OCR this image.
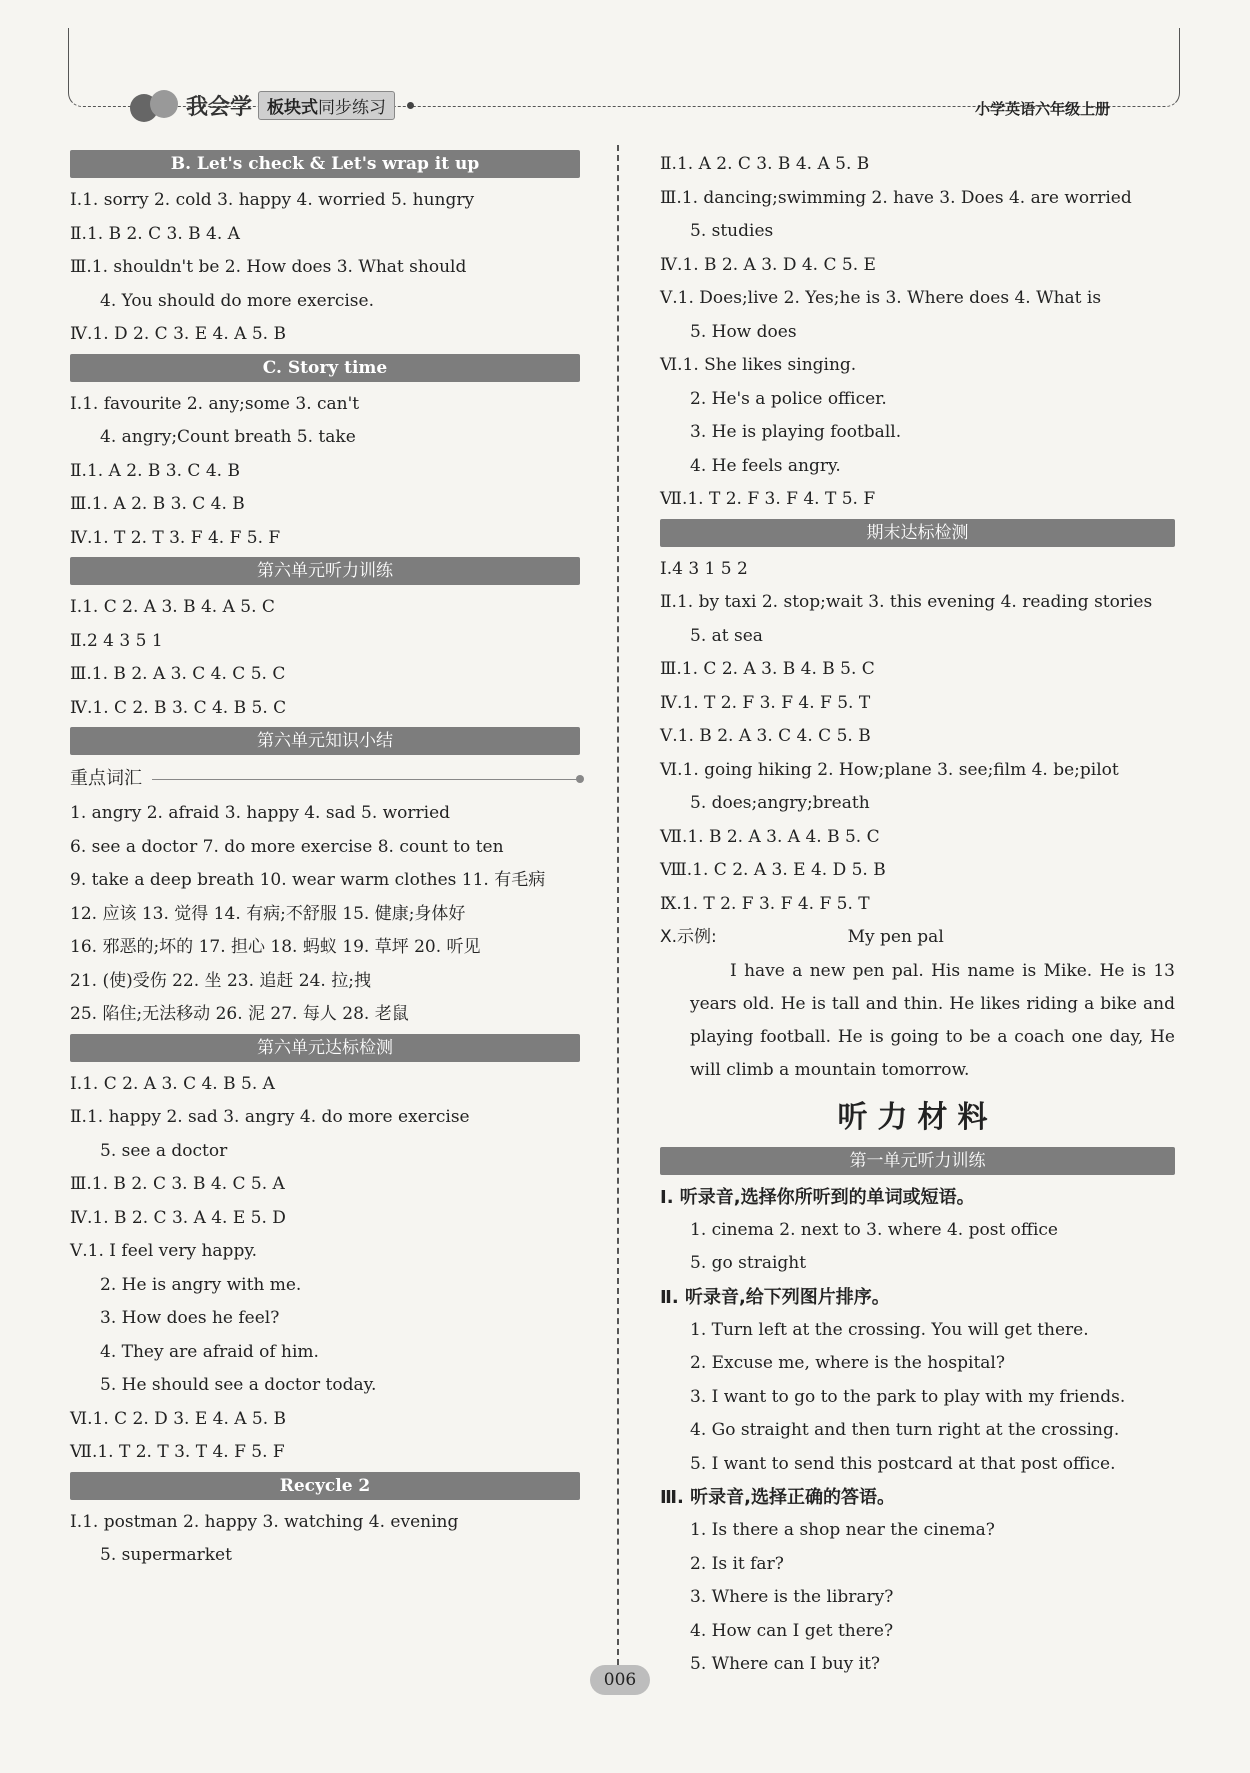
我会学 板块式同步练习	小学英语六年级上册
B. Let's check & Let's wrap it up
Ⅰ.1. sorry 2. cold 3. happy 4. worried 5. hungry
Ⅱ.1. B 2. C 3. B 4. A
Ⅲ.1. shouldn't be 2. How does 3. What should
4. You should do more exercise.
Ⅳ.1. D 2. C 3. E 4. A 5. B
C. Story time
Ⅰ.1. favourite 2. any;some 3. can't
4. angry;Count breath 5. take
Ⅱ.1. A 2. B 3. C 4. B
Ⅲ.1. A 2. B 3. C 4. B
Ⅳ.1. T 2. T 3. F 4. F 5. F
第六单元听力训练
Ⅰ.1. C 2. A 3. B 4. A 5. C
Ⅱ.2 4 3 5 1
Ⅲ.1. B 2. A 3. C 4. C 5. C
Ⅳ.1. C 2. B 3. C 4. B 5. C
第六单元知识小结
重点词汇
1. angry 2. afraid 3. happy 4. sad 5. worried
6. see a doctor 7. do more exercise 8. count to ten
9. take a deep breath 10. wear warm clothes 11. 有毛病
12. 应该 13. 觉得 14. 有病;不舒服 15. 健康;身体好
16. 邪恶的;坏的 17. 担心 18. 蚂蚁 19. 草坪 20. 听见
21. (使)受伤 22. 坐 23. 追赶 24. 拉;拽
25. 陷住;无法移动 26. 泥 27. 每人 28. 老鼠
第六单元达标检测
Ⅰ.1. C 2. A 3. C 4. B 5. A
Ⅱ.1. happy 2. sad 3. angry 4. do more exercise
5. see a doctor
Ⅲ.1. B 2. C 3. B 4. C 5. A
Ⅳ.1. B 2. C 3. A 4. E 5. D
Ⅴ.1. I feel very happy.
2. He is angry with me.
3. How does he feel?
4. They are afraid of him.
5. He should see a doctor today.
Ⅵ.1. C 2. D 3. E 4. A 5. B
Ⅶ.1. T 2. T 3. T 4. F 5. F
Recycle 2
Ⅰ.1. postman 2. happy 3. watching 4. evening
5. supermarket
Ⅱ.1. A 2. C 3. B 4. A 5. B
Ⅲ.1. dancing;swimming 2. have 3. Does 4. are worried
5. studies
Ⅳ.1. B 2. A 3. D 4. C 5. E
Ⅴ.1. Does;live 2. Yes;he is 3. Where does 4. What is
5. How does
Ⅵ.1. She likes singing.
2. He's a police officer.
3. He is playing football.
4. He feels angry.
Ⅶ.1. T 2. F 3. F 4. T 5. F
期末达标检测
Ⅰ.4 3 1 5 2
Ⅱ.1. by taxi 2. stop;wait 3. this evening 4. reading stories
5. at sea
Ⅲ.1. C 2. A 3. B 4. B 5. C
Ⅳ.1. T 2. F 3. F 4. F 5. T
Ⅴ.1. B 2. A 3. C 4. C 5. B
Ⅵ.1. going hiking 2. How;plane 3. see;film 4. be;pilot
5. does;angry;breath
Ⅶ.1. B 2. A 3. A 4. B 5. C
Ⅷ.1. C 2. A 3. E 4. D 5. B
Ⅸ.1. T 2. F 3. F 4. F 5. T
Ⅹ.示例:	My pen pal
I have a new pen pal. His name is Mike. He is 13 years old. He is tall and thin. He likes riding a bike and playing football. He is going to be a coach one day, He will climb a mountain tomorrow.
听力材料
第一单元听力训练
Ⅰ. 听录音,选择你所听到的单词或短语。
1. cinema 2. next to 3. where 4. post office
5. go straight
Ⅱ. 听录音,给下列图片排序。
1. Turn left at the crossing. You will get there.
2. Excuse me, where is the hospital?
3. I want to go to the park to play with my friends.
4. Go straight and then turn right at the crossing.
5. I want to send this postcard at that post office.
Ⅲ. 听录音,选择正确的答语。
1. Is there a shop near the cinema?
2. Is it far?
3. Where is the library?
4. How can I get there?
5. Where can I buy it?
006
